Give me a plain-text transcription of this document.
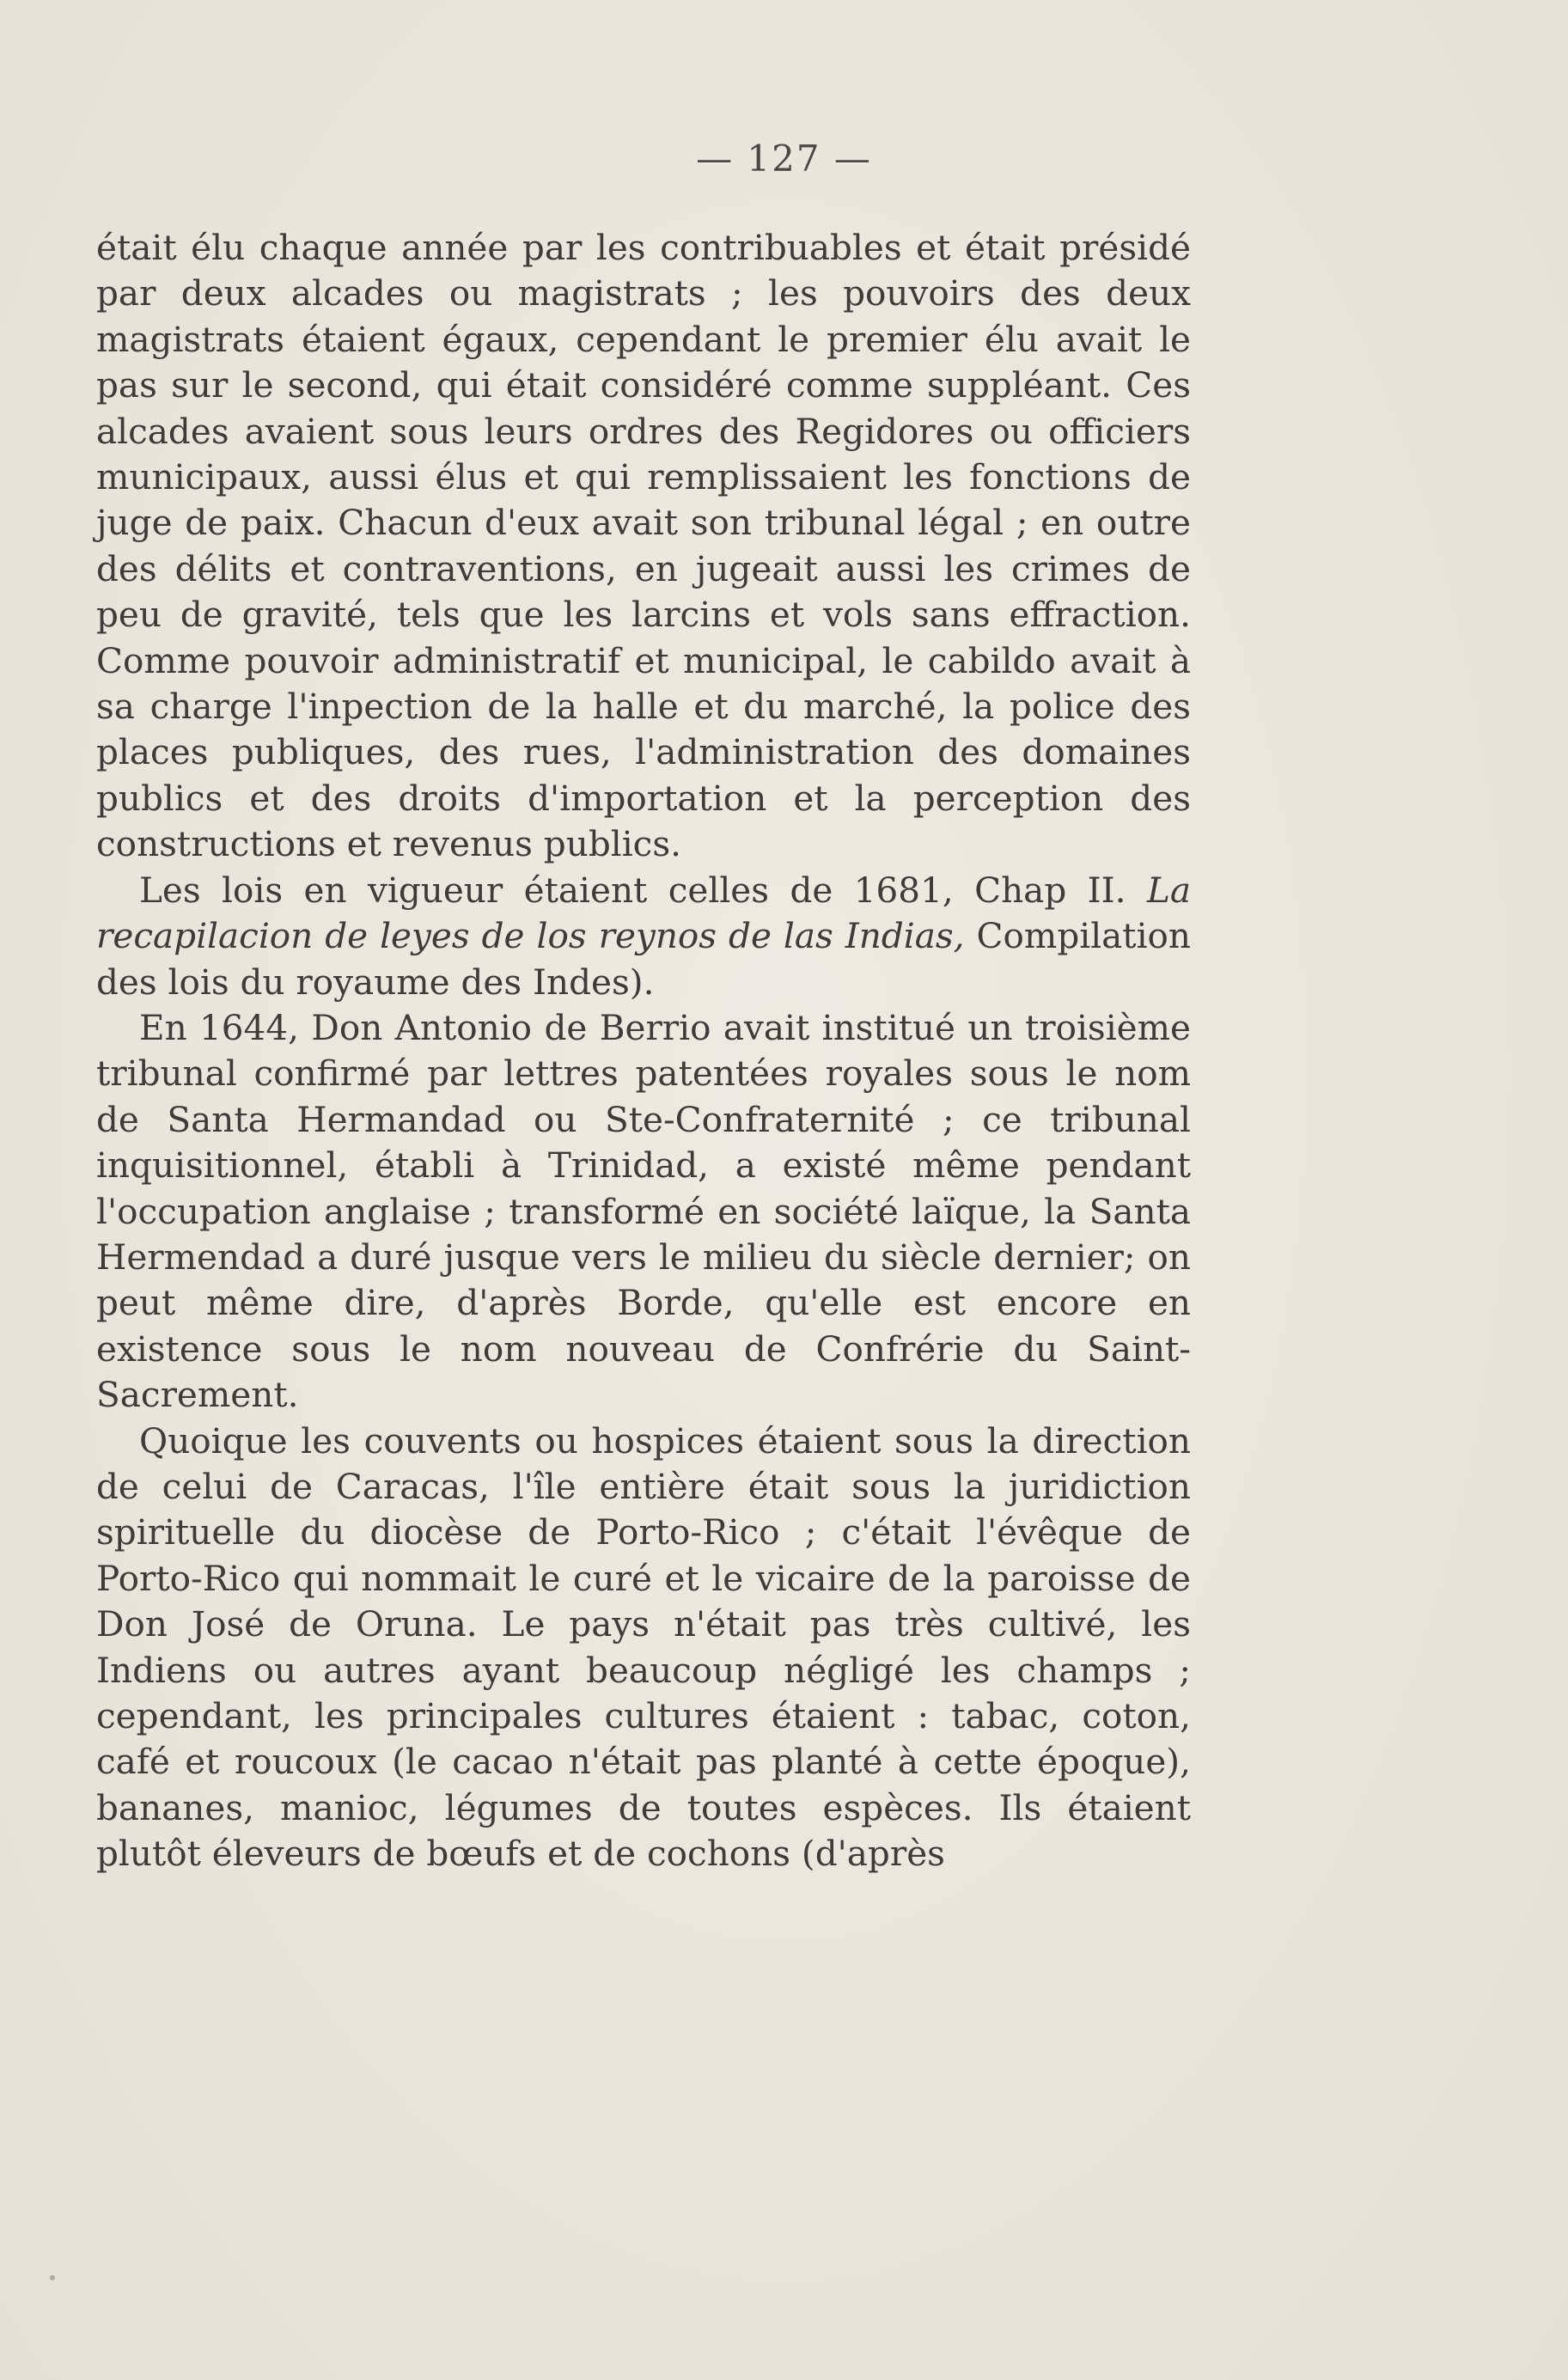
— 127 —

était élu chaque année par les contribuables et était présidé par deux alcades ou magistrats ; les pouvoirs des deux magistrats étaient égaux, cependant le premier élu avait le pas sur le second, qui était considéré comme suppléant. Ces alcades avaient sous leurs ordres des Regidores ou officiers municipaux, aussi élus et qui remplissaient les fonctions de juge de paix. Chacun d'eux avait son tribunal légal ; en outre des délits et contraventions, en jugeait aussi les crimes de peu de gravité, tels que les larcins et vols sans effraction. Comme pouvoir administratif et municipal, le cabildo avait à sa charge l'inpection de la halle et du marché, la police des places publiques, des rues, l'administration des domaines publics et des droits d'importation et la perception des constructions et revenus publics.

Les lois en vigueur étaient celles de 1681, Chap II. La recapilacion de leyes de los reynos de las Indias, Compilation des lois du royaume des Indes).

En 1644, Don Antonio de Berrio avait institué un troisième tribunal confirmé par lettres patentées royales sous le nom de Santa Hermandad ou Ste-Confraternité ; ce tribunal inquisitionnel, établi à Trinidad, a existé même pendant l'occupation anglaise ; transformé en société laïque, la Santa Hermendad a duré jusque vers le milieu du siècle dernier; on peut même dire, d'après Borde, qu'elle est encore en existence sous le nom nouveau de Confrérie du Saint-Sacrement.

Quoique les couvents ou hospices étaient sous la direction de celui de Caracas, l'île entière était sous la juridiction spirituelle du diocèse de Porto-Rico ; c'était l'évêque de Porto-Rico qui nommait le curé et le vicaire de la paroisse de Don José de Oruna. Le pays n'était pas très cultivé, les Indiens ou autres ayant beaucoup négligé les champs ; cependant, les principales cultures étaient : tabac, coton, café et roucoux (le cacao n'était pas planté à cette époque), bananes, manioc, légumes de toutes espèces. Ils étaient plutôt éleveurs de bœufs et de cochons (d'après
